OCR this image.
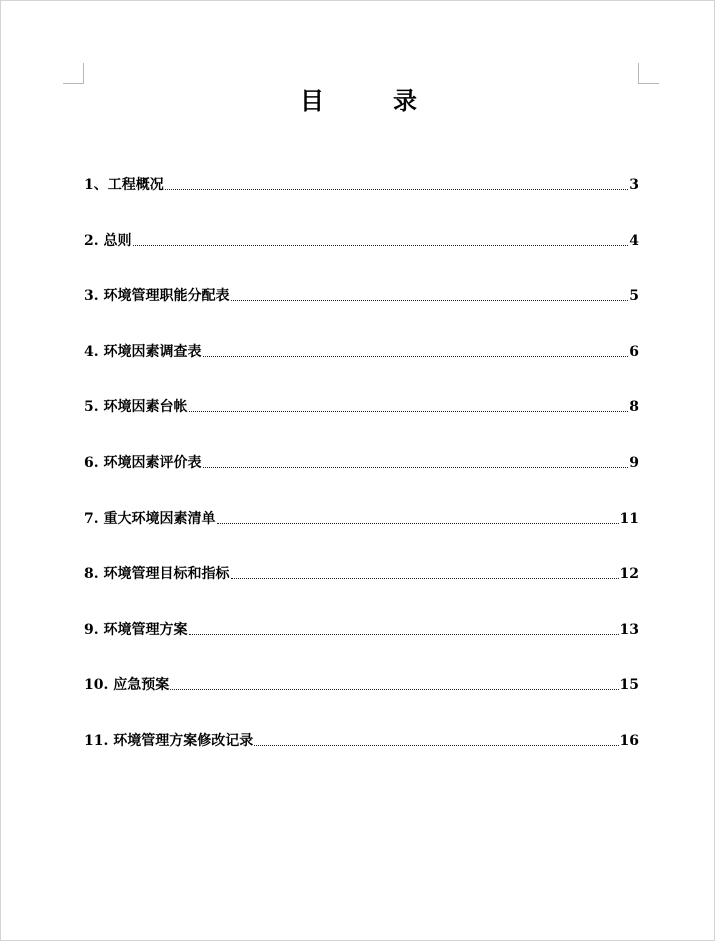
目录
1、工程概况	3
2. 总则	4
3. 环境管理职能分配表	5
4. 环境因素调查表	6
5. 环境因素台帐	8
6. 环境因素评价表	9
7. 重大环境因素清单	11
8. 环境管理目标和指标	12
9. 环境管理方案	13
10. 应急预案	15
11. 环境管理方案修改记录	16
